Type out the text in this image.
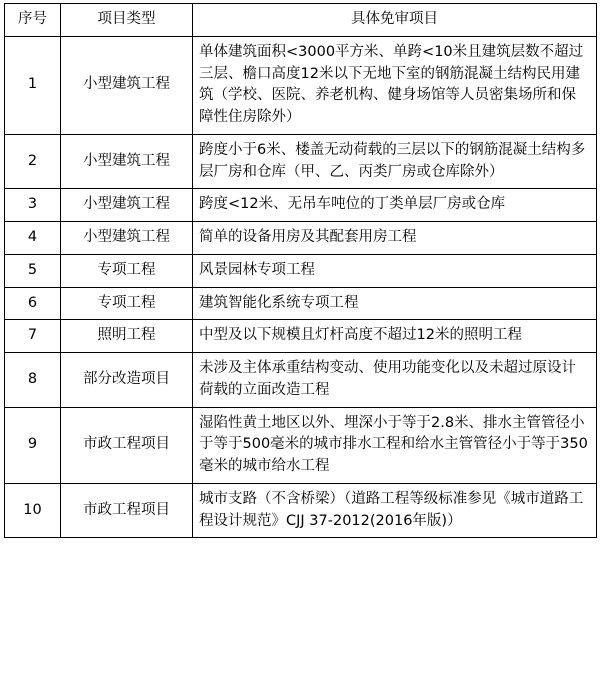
序号	项目类型	具体免审项目
1	小型建筑工程	单体建筑面积<3000平方米、单跨<10米且建筑层数不超过三层、檐口高度12米以下无地下室的钢筋混凝土结构民用建筑（学校、医院、养老机构、健身场馆等人员密集场所和保障性住房除外）
2	小型建筑工程	跨度小于6米、楼盖无动荷载的三层以下的钢筋混凝土结构多层厂房和仓库（甲、乙、丙类厂房或仓库除外）
3	小型建筑工程	跨度<12米、无吊车吨位的丁类单层厂房或仓库
4	小型建筑工程	简单的设备用房及其配套用房工程
5	专项工程	风景园林专项工程
6	专项工程	建筑智能化系统专项工程
7	照明工程	中型及以下规模且灯杆高度不超过12米的照明工程
8	部分改造项目	未涉及主体承重结构变动、使用功能变化以及未超过原设计荷载的立面改造工程
9	市政工程项目	湿陷性黄土地区以外、埋深小于等于2.8米、排水主管管径小于等于500毫米的城市排水工程和给水主管管径小于等于350毫米的城市给水工程
10	市政工程项目	城市支路（不含桥梁）（道路工程等级标准参见《城市道路工程设计规范》CJJ 37-2012(2016年版)）
